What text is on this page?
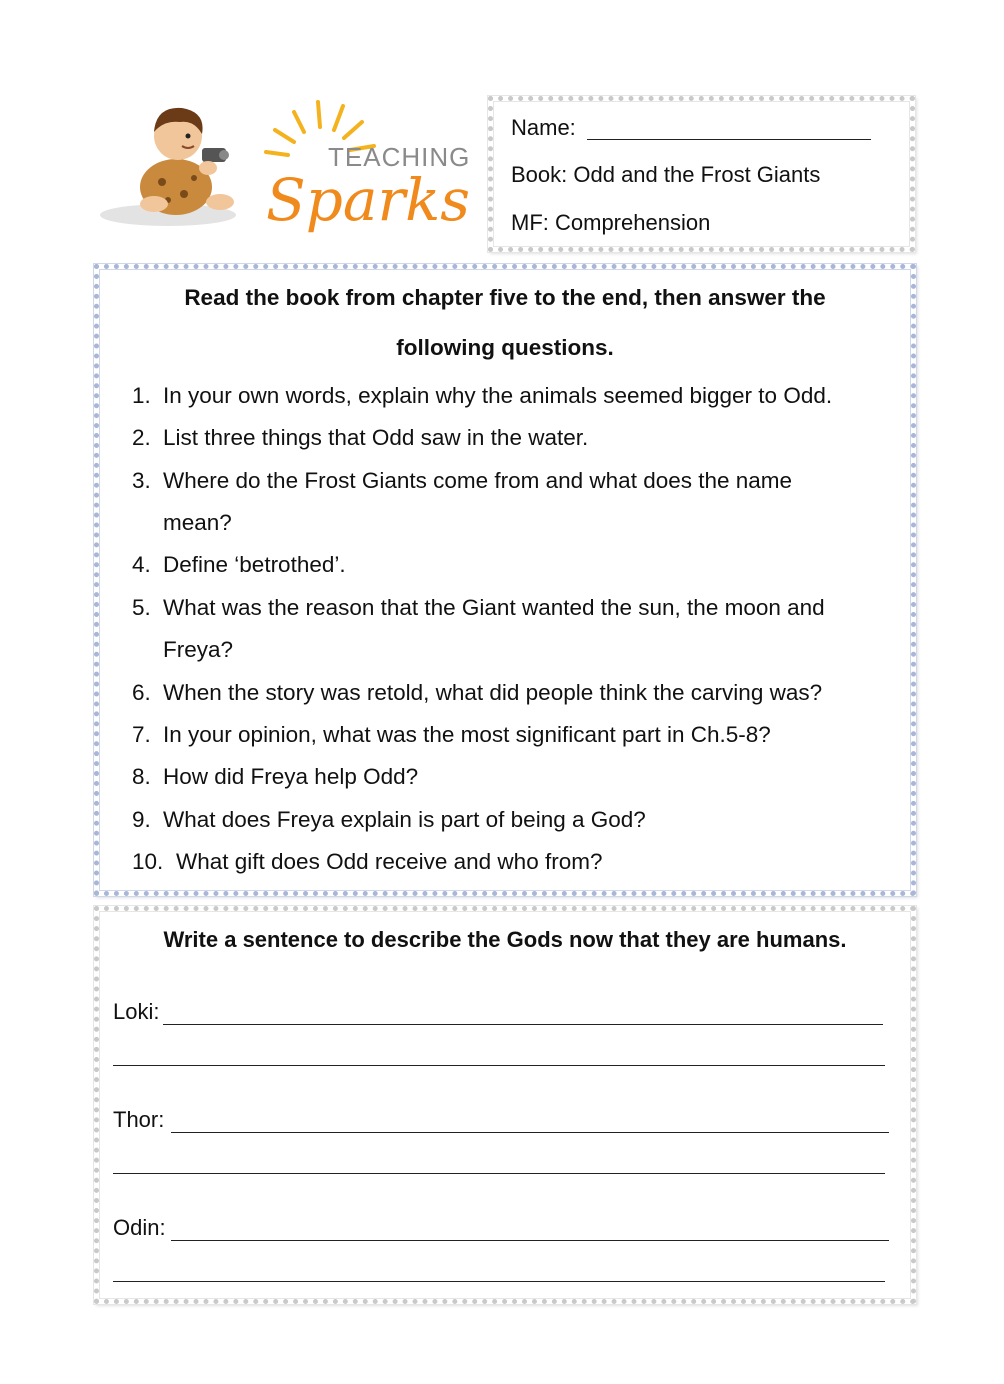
TEACHING
Sparks
Name:
Book: Odd and the Frost Giants
MF: Comprehension
Read the book from chapter five to the end, then answer the
following questions.
1. In your own words, explain why the animals seemed bigger to Odd.
2. List three things that Odd saw in the water.
3. Where do the Frost Giants come from and what does the name
mean?
4. Define ‘betrothed’.
5. What was the reason that the Giant wanted the sun, the moon and
Freya?
6. When the story was retold, what did people think the carving was?
7. In your opinion, what was the most significant part in Ch.5-8?
8. How did Freya help Odd?
9. What does Freya explain is part of being a God?
10. What gift does Odd receive and who from?
Write a sentence to describe the Gods now that they are humans.
Loki:
Thor:
Odin:
